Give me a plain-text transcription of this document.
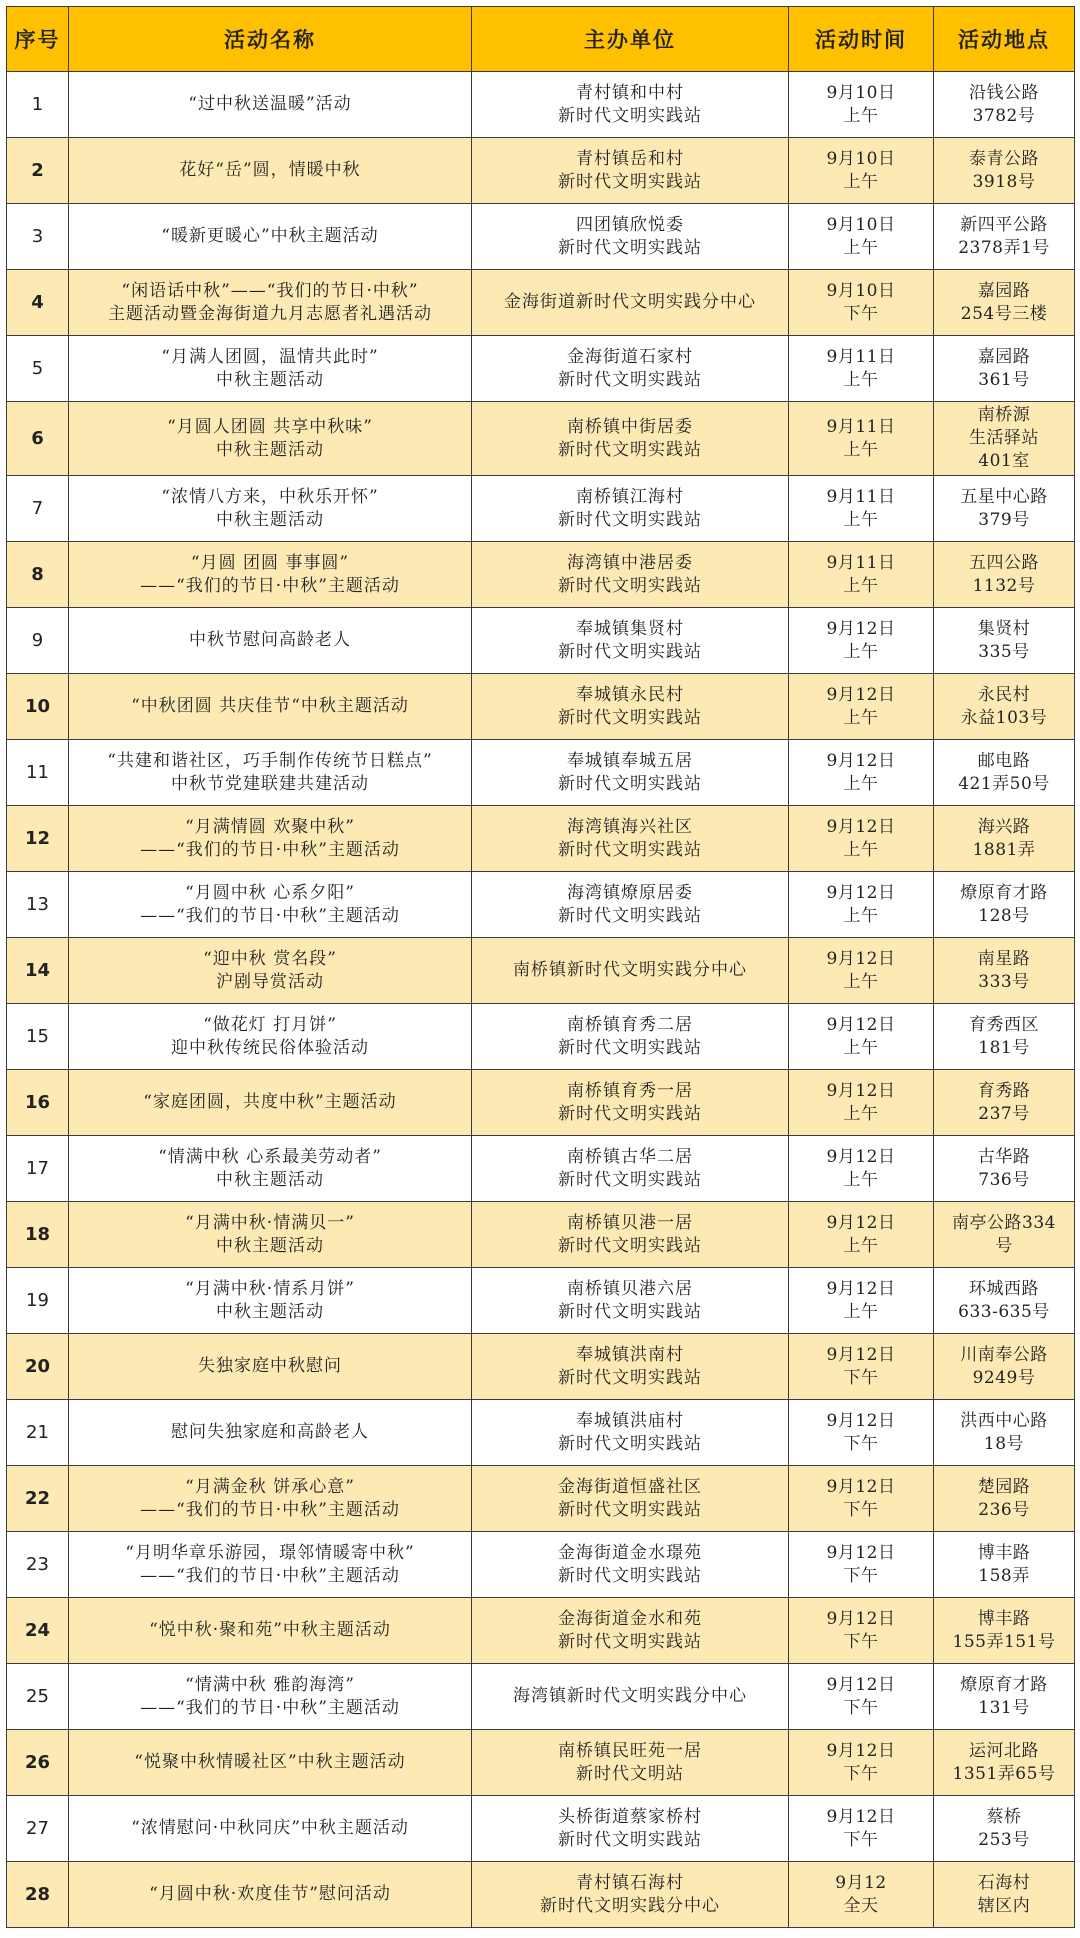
序号	活动名称	主办单位	活动时间	活动地点
1	“过中秋送温暖”活动	青村镇和中村
新时代文明实践站	9月10日
上午	沿钱公路
3782号

2	花好“岳”圆，情暖中秋	青村镇岳和村
新时代文明实践站	9月10日
上午	泰青公路
3918号

3	“暖新更暖心”中秋主题活动	四团镇欣悦委
新时代文明实践站	9月10日
上午	新四平公路
2378弄1号

4	“闲语话中秋”——“我们的节日·中秋”
主题活动暨金海街道九月志愿者礼遇活动	金海街道新时代文明实践分中心	9月10日
下午	嘉园路
254号三楼

5	“月满人团圆，温情共此时”
中秋主题活动	金海街道石家村
新时代文明实践站	9月11日
上午	嘉园路
361号

6	“月圆人团圆 共享中秋味”
中秋主题活动	南桥镇中街居委
新时代文明实践站	9月11日
上午	南桥源
生活驿站
401室

7	“浓情八方来，中秋乐开怀”
中秋主题活动	南桥镇江海村
新时代文明实践站	9月11日
上午	五星中心路
379号

8	“月圆 团圆 事事圆”
——“我们的节日·中秋”主题活动	海湾镇中港居委
新时代文明实践站	9月11日
上午	五四公路
1132号

9	中秋节慰问高龄老人	奉城镇集贤村
新时代文明实践站	9月12日
上午	集贤村
335号

10	“中秋团圆 共庆佳节“中秋主题活动	奉城镇永民村
新时代文明实践站	9月12日
上午	永民村
永益103号

11	“共建和谐社区，巧手制作传统节日糕点”
中秋节党建联建共建活动	奉城镇奉城五居
新时代文明实践站	9月12日
上午	邮电路
421弄50号

12	“月满情圆 欢聚中秋”
——“我们的节日·中秋”主题活动	海湾镇海兴社区
新时代文明实践站	9月12日
上午	海兴路
1881弄

13	“月圆中秋 心系夕阳”
——“我们的节日·中秋”主题活动	海湾镇燎原居委
新时代文明实践站	9月12日
上午	燎原育才路
128号

14	“迎中秋 赏名段”
沪剧导赏活动	南桥镇新时代文明实践分中心	9月12日
上午	南星路
333号

15	“做花灯 打月饼”
迎中秋传统民俗体验活动	南桥镇育秀二居
新时代文明实践站	9月12日
上午	育秀西区
181号

16	“家庭团圆，共度中秋”主题活动	南桥镇育秀一居
新时代文明实践站	9月12日
上午	育秀路
237号

17	“情满中秋 心系最美劳动者”
中秋主题活动	南桥镇古华二居
新时代文明实践站	9月12日
上午	古华路
736号

18	“月满中秋·情满贝一”
中秋主题活动	南桥镇贝港一居
新时代文明实践站	9月12日
上午	南亭公路334
号

19	“月满中秋·情系月饼”
中秋主题活动	南桥镇贝港六居
新时代文明实践站	9月12日
上午	环城西路
633-635号

20	失独家庭中秋慰问	奉城镇洪南村
新时代文明实践站	9月12日
下午	川南奉公路
9249号

21	慰问失独家庭和高龄老人	奉城镇洪庙村
新时代文明实践站	9月12日
下午	洪西中心路
18号

22	“月满金秋 饼承心意”
——“我们的节日·中秋”主题活动	金海街道恒盛社区
新时代文明实践站	9月12日
下午	楚园路
236号

23	“月明华章乐游园，璟邻情暖寄中秋”
——“我们的节日·中秋”主题活动	金海街道金水璟苑
新时代文明实践站	9月12日
下午	博丰路
158弄

24	“悦中秋·聚和苑”中秋主题活动	金海街道金水和苑
新时代文明实践站	9月12日
下午	博丰路
155弄151号

25	“情满中秋 雅韵海湾”
——“我们的节日·中秋”主题活动	海湾镇新时代文明实践分中心	9月12日
下午	燎原育才路
131号

26	“悦聚中秋情暖社区”中秋主题活动	南桥镇民旺苑一居
新时代文明站	9月12日
下午	运河北路
1351弄65号

27	“浓情慰问·中秋同庆”中秋主题活动	头桥街道蔡家桥村
新时代文明实践站	9月12日
下午	蔡桥
253号

28	“月圆中秋·欢度佳节”慰问活动	青村镇石海村
新时代文明实践分中心	9月12
全天	石海村
辖区内
